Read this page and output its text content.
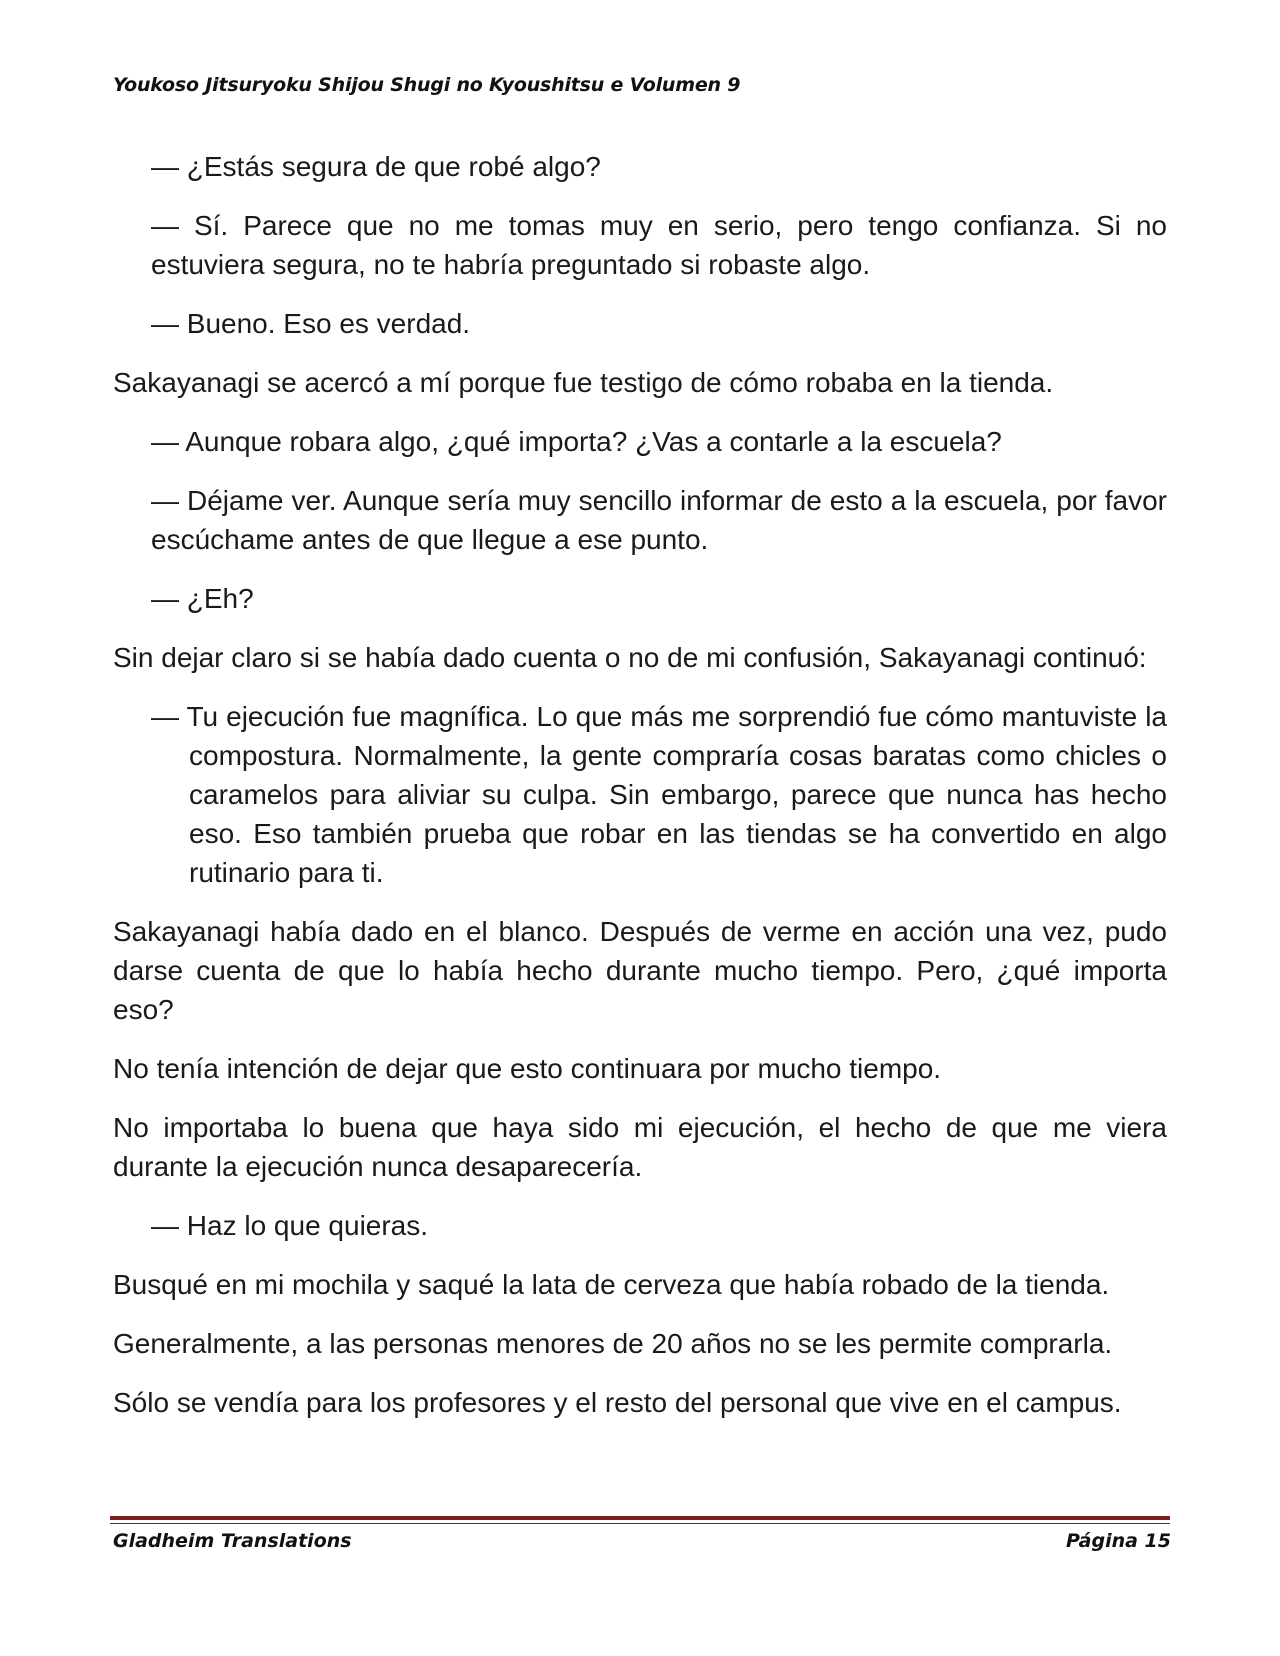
Youkoso Jitsuryoku Shijou Shugi no Kyoushitsu e Volumen 9

— ¿Estás segura de que robé algo?

— Sí. Parece que no me tomas muy en serio, pero tengo confianza. Si no estuviera segura, no te habría preguntado si robaste algo.

— Bueno. Eso es verdad.

Sakayanagi se acercó a mí porque fue testigo de cómo robaba en la tienda.

— Aunque robara algo, ¿qué importa? ¿Vas a contarle a la escuela?

— Déjame ver. Aunque sería muy sencillo informar de esto a la escuela, por favor escúchame antes de que llegue a ese punto.

— ¿Eh?

Sin dejar claro si se había dado cuenta o no de mi confusión, Sakayanagi continuó:

— Tu ejecución fue magnífica. Lo que más me sorprendió fue cómo mantuviste la compostura. Normalmente, la gente compraría cosas baratas como chicles o caramelos para aliviar su culpa. Sin embargo, parece que nunca has hecho eso. Eso también prueba que robar en las tiendas se ha convertido en algo rutinario para ti.

Sakayanagi había dado en el blanco. Después de verme en acción una vez, pudo darse cuenta de que lo había hecho durante mucho tiempo. Pero, ¿qué importa eso?

No tenía intención de dejar que esto continuara por mucho tiempo.

No importaba lo buena que haya sido mi ejecución, el hecho de que me viera durante la ejecución nunca desaparecería.

— Haz lo que quieras.

Busqué en mi mochila y saqué la lata de cerveza que había robado de la tienda.

Generalmente, a las personas menores de 20 años no se les permite comprarla.

Sólo se vendía para los profesores y el resto del personal que vive en el campus.

Gladheim Translations	Página 15
